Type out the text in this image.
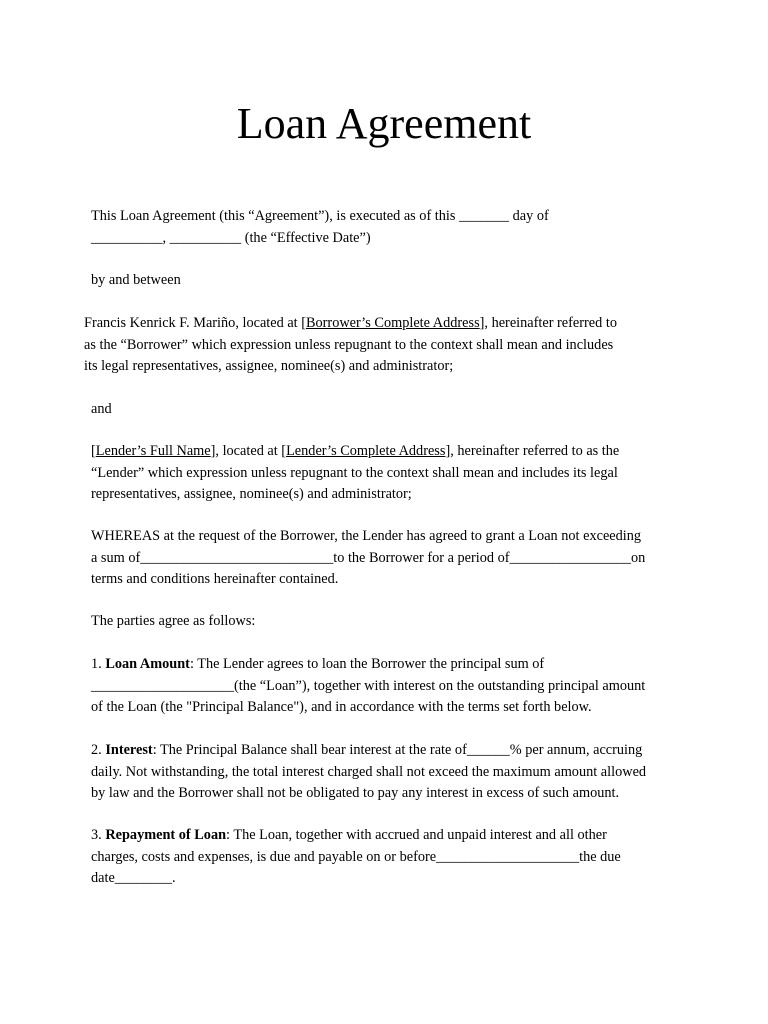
Loan Agreement
This Loan Agreement (this “Agreement”), is executed as of this _______ day of
__________, __________ (the “Effective Date”)
by and between
Francis Kenrick F. Mariño, located at [Borrower’s Complete Address], hereinafter referred to
as the “Borrower” which expression unless repugnant to the context shall mean and includes
its legal representatives, assignee, nominee(s) and administrator;
and
[Lender’s Full Name], located at [Lender’s Complete Address], hereinafter referred to as the
“Lender” which expression unless repugnant to the context shall mean and includes its legal
representatives, assignee, nominee(s) and administrator;
WHEREAS at the request of the Borrower, the Lender has agreed to grant a Loan not exceeding
a sum of___________________________to the Borrower for a period of_________________on
terms and conditions hereinafter contained.
The parties agree as follows:
1. Loan Amount: The Lender agrees to loan the Borrower the principal sum of
____________________(the “Loan”), together with interest on the outstanding principal amount
of the Loan (the "Principal Balance"), and in accordance with the terms set forth below.
2. Interest: The Principal Balance shall bear interest at the rate of______% per annum, accruing
daily. Not withstanding, the total interest charged shall not exceed the maximum amount allowed
by law and the Borrower shall not be obligated to pay any interest in excess of such amount.
3. Repayment of Loan: The Loan, together with accrued and unpaid interest and all other
charges, costs and expenses, is due and payable on or before____________________the due
date________.
